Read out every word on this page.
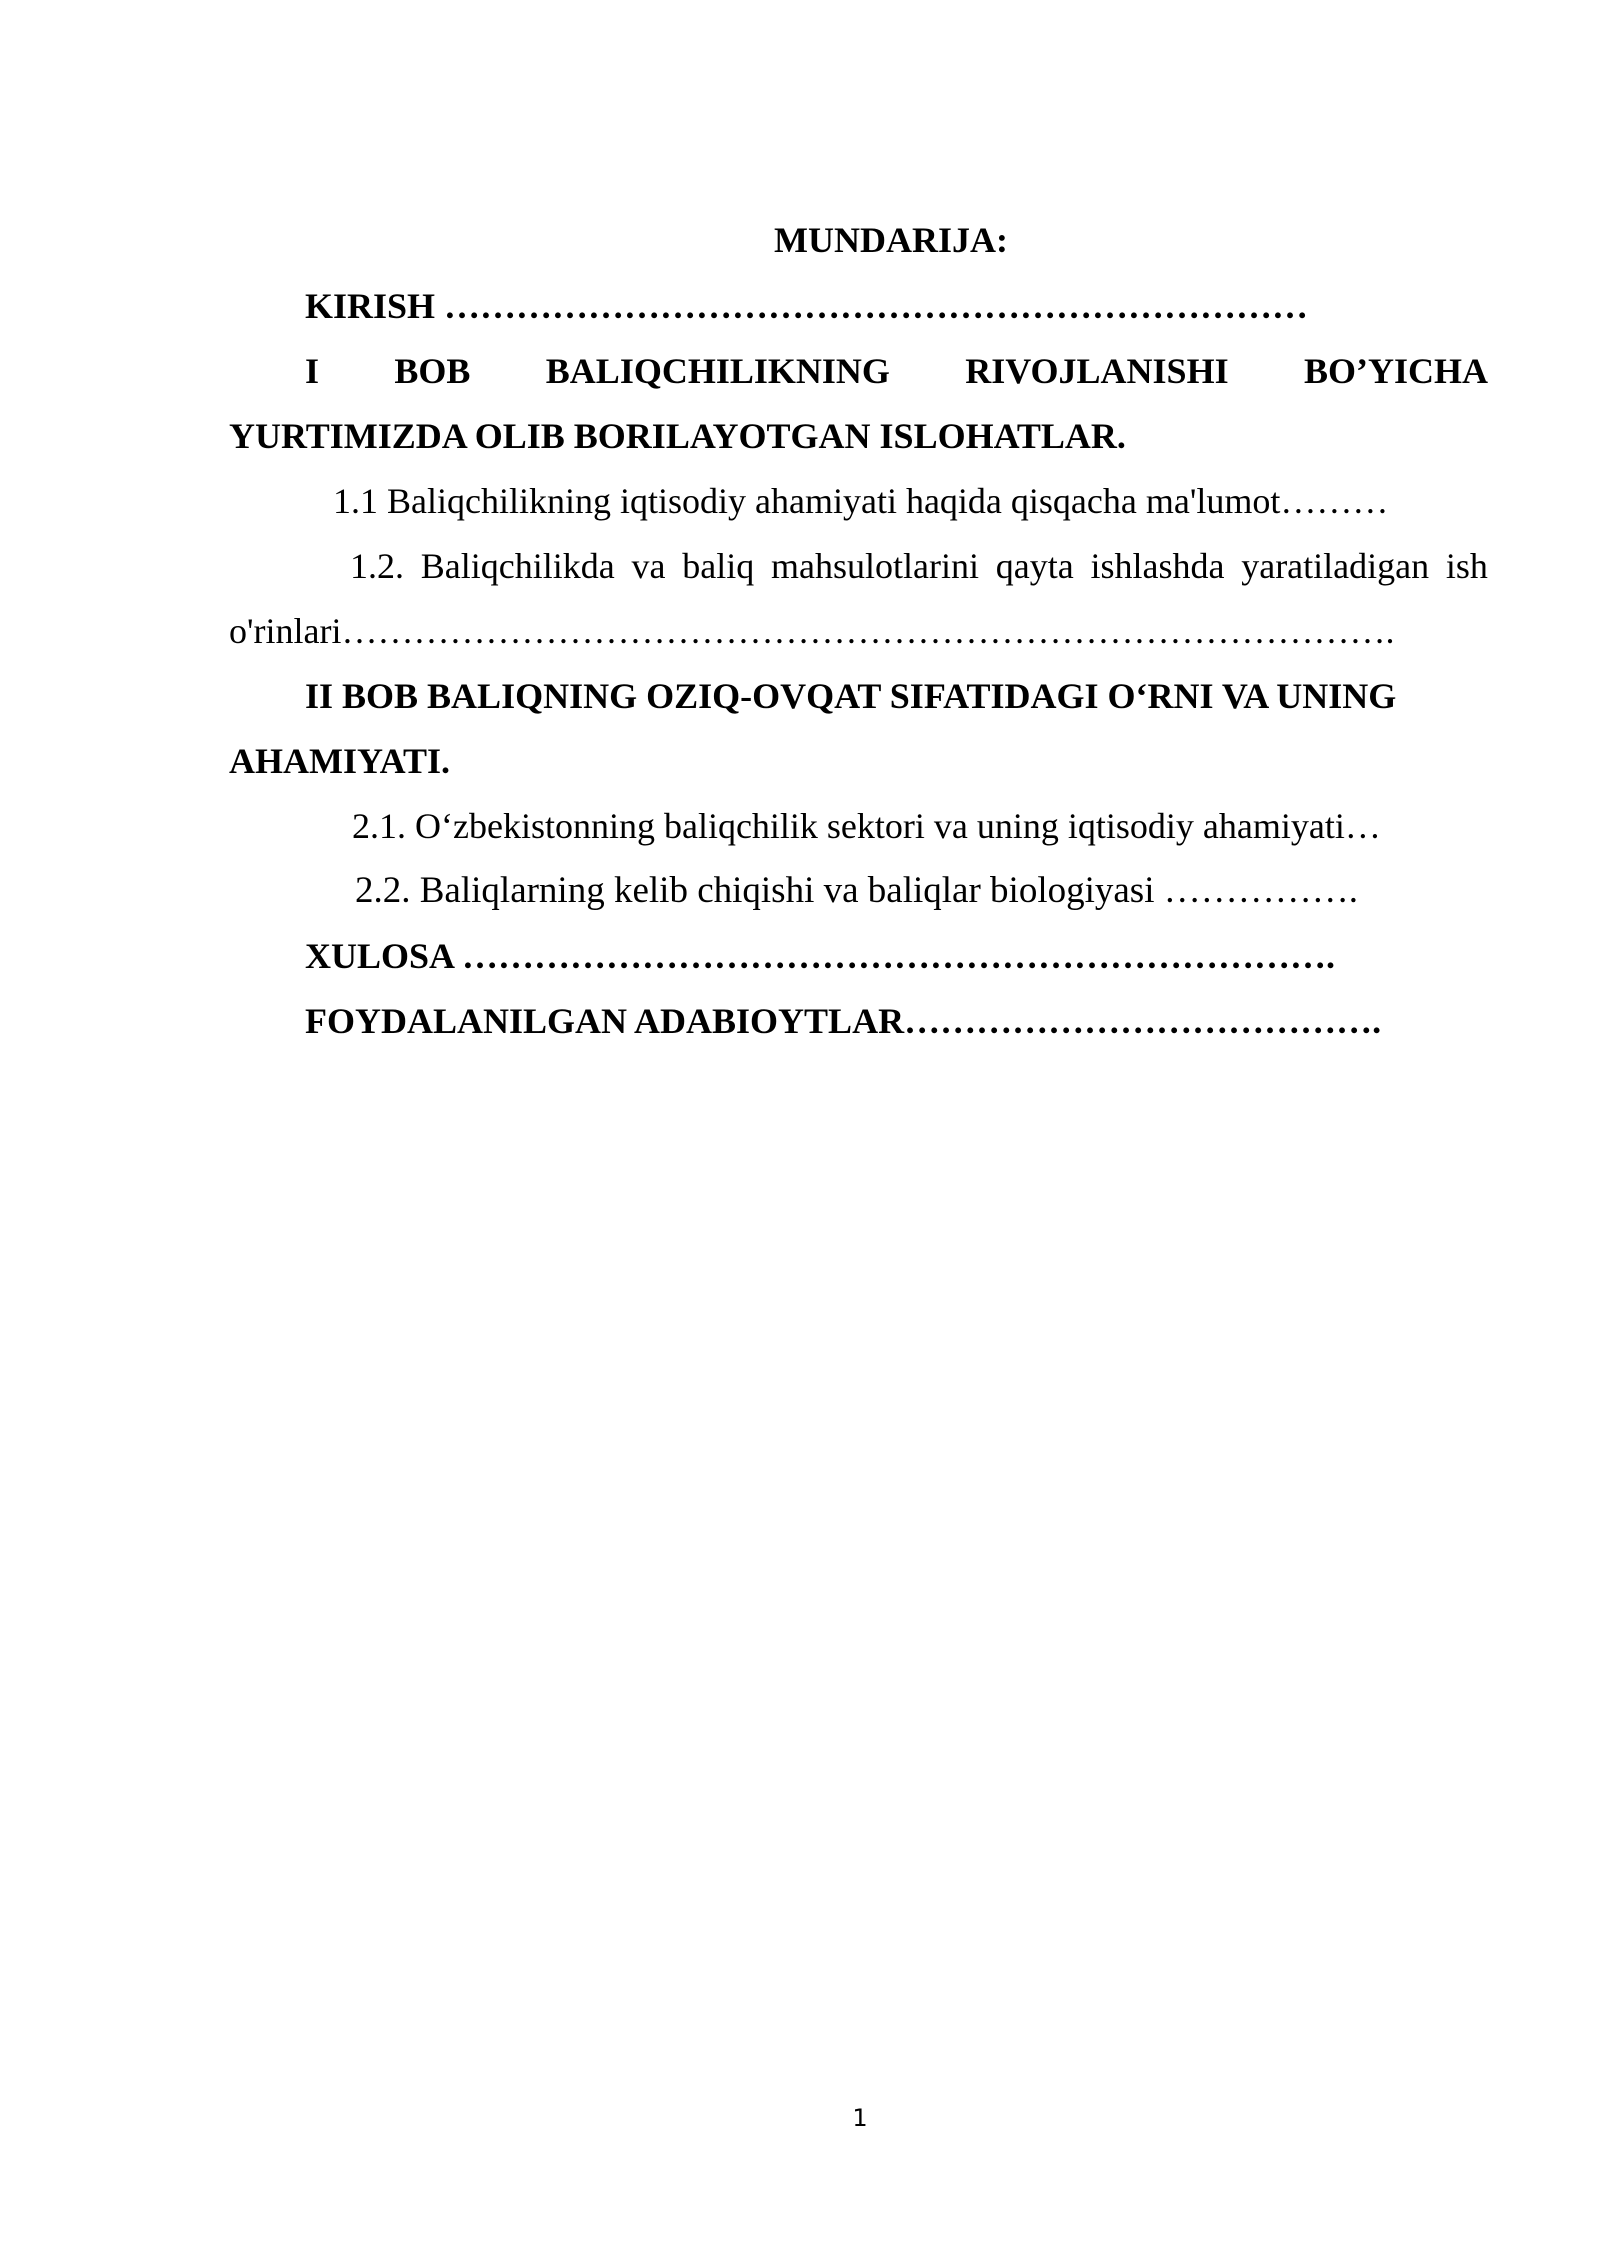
MUNDARIJA:
KIRISH ………………………………………………………………
I BOB BALIQCHILIKNING RIVOJLANISHI BO’YICHA
YURTIMIZDA OLIB BORILAYOTGAN ISLOHATLAR.
1.1 Baliqchilikning iqtisodiy ahamiyati haqida qisqacha ma'lumot………
1.2. Baliqchilikda va baliq mahsulotlarini qayta ishlashda yaratiladigan ish
o'rinlari…………………………………………………………………………….
II BOB BALIQNING OZIQ-OVQAT SIFATIDAGI O‘RNI VA UNING
AHAMIYATI.
2.1. O‘zbekistonning baliqchilik sektori va uning iqtisodiy ahamiyati…
2.2. Baliqlarning kelib chiqishi va baliqlar biologiyasi …………….
XULOSA ……………………………………………………………….
FOYDALANILGAN ADABIOYTLAR………………………………….
1
